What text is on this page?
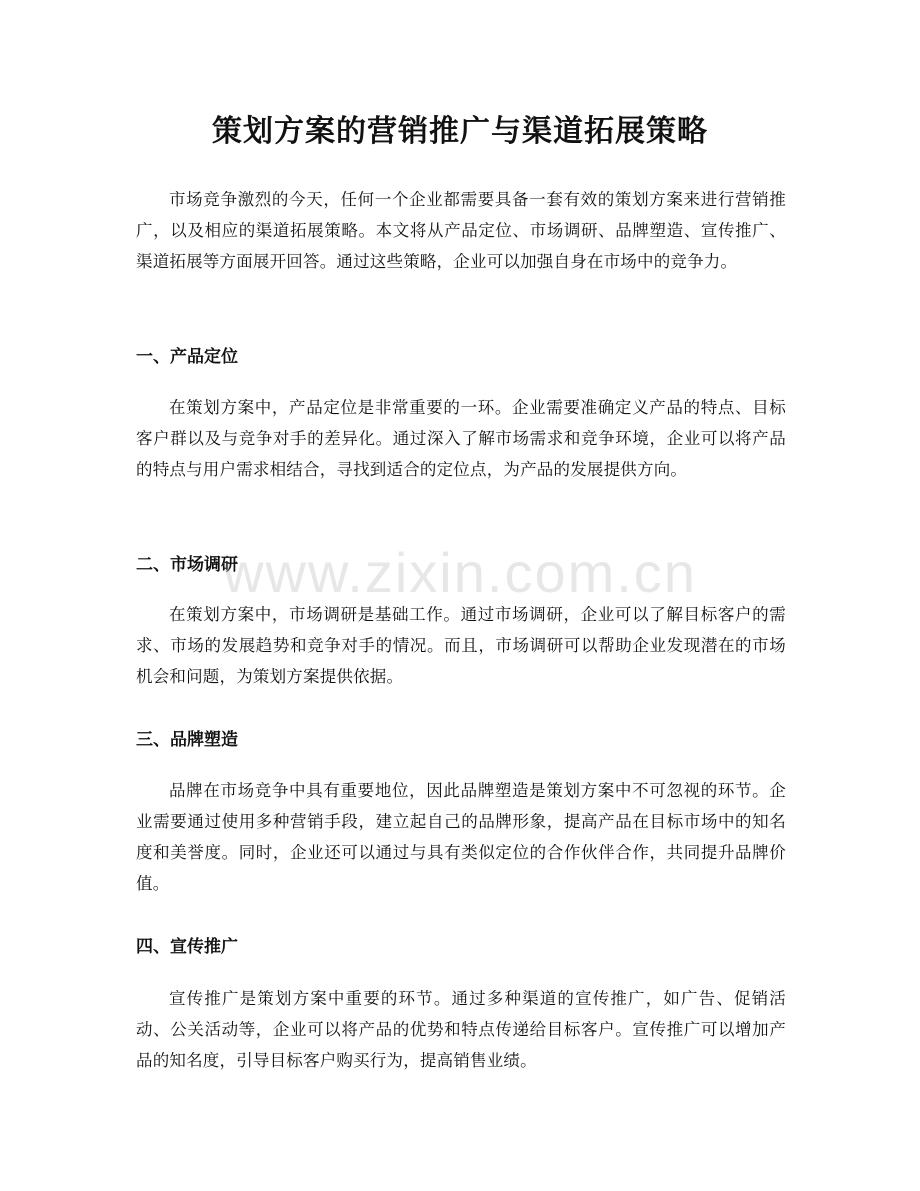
策划方案的营销推广与渠道拓展策略

市场竞争激烈的今天，任何一个企业都需要具备一套有效的策划方案来进行营销推广，以及相应的渠道拓展策略。本文将从产品定位、市场调研、品牌塑造、宣传推广、渠道拓展等方面展开回答。通过这些策略，企业可以加强自身在市场中的竞争力。

一、产品定位

在策划方案中，产品定位是非常重要的一环。企业需要准确定义产品的特点、目标客户群以及与竞争对手的差异化。通过深入了解市场需求和竞争环境，企业可以将产品的特点与用户需求相结合，寻找到适合的定位点，为产品的发展提供方向。

二、市场调研

在策划方案中，市场调研是基础工作。通过市场调研，企业可以了解目标客户的需求、市场的发展趋势和竞争对手的情况。而且，市场调研可以帮助企业发现潜在的市场机会和问题，为策划方案提供依据。

三、品牌塑造

品牌在市场竞争中具有重要地位，因此品牌塑造是策划方案中不可忽视的环节。企业需要通过使用多种营销手段，建立起自己的品牌形象，提高产品在目标市场中的知名度和美誉度。同时，企业还可以通过与具有类似定位的合作伙伴合作，共同提升品牌价值。

四、宣传推广

宣传推广是策划方案中重要的环节。通过多种渠道的宣传推广，如广告、促销活动、公关活动等，企业可以将产品的优势和特点传递给目标客户。宣传推广可以增加产品的知名度，引导目标客户购买行为，提高销售业绩。

www.zixin.com.cn
